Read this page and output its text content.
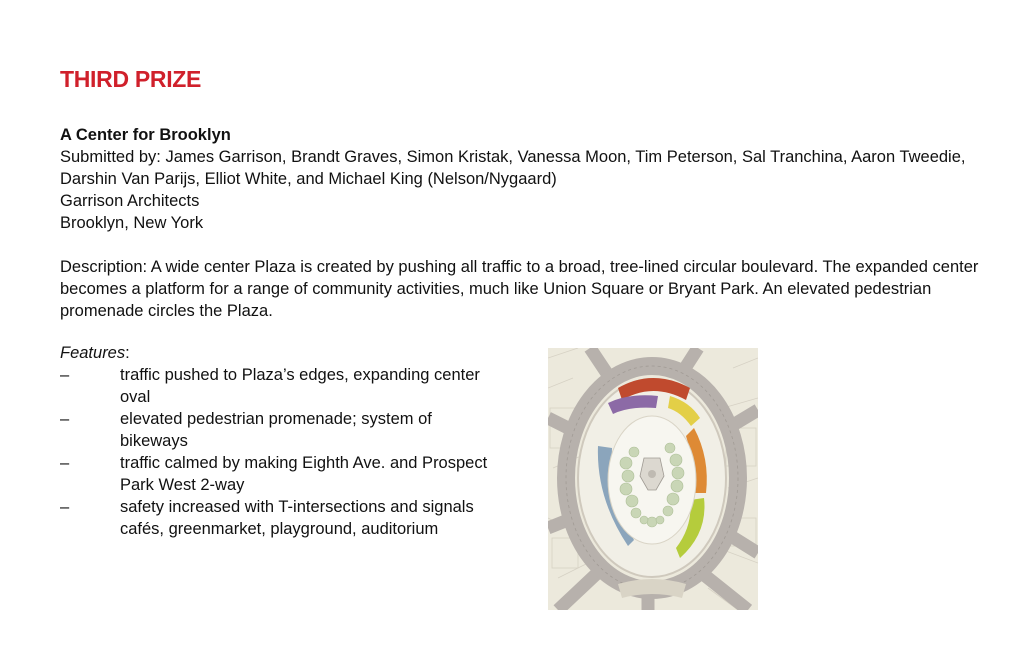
THIRD PRIZE

A Center for Brooklyn

Submitted by: James Garrison, Brandt Graves, Simon Kristak, Vanessa Moon, Tim Peterson, Sal Tranchina, Aaron Tweedie, Darshin Van Parijs, Elliot White, and Michael King (Nelson/Nygaard)

Garrison Architects

Brooklyn, New York

Description: A wide center Plaza is created by pushing all traffic to a broad, tree-lined circular boulevard. The expanded center becomes a platform for a range of community activities, much like Union Square or Bryant Park. An elevated pedestrian promenade circles the Plaza.

Features:
–	traffic pushed to Plaza’s edges, expanding center oval
–	elevated pedestrian promenade; system of bikeways
–	traffic calmed by making Eighth Ave. and Prospect Park West 2-way
–	safety increased with T-intersections and signals
cafés, greenmarket, playground, auditorium
